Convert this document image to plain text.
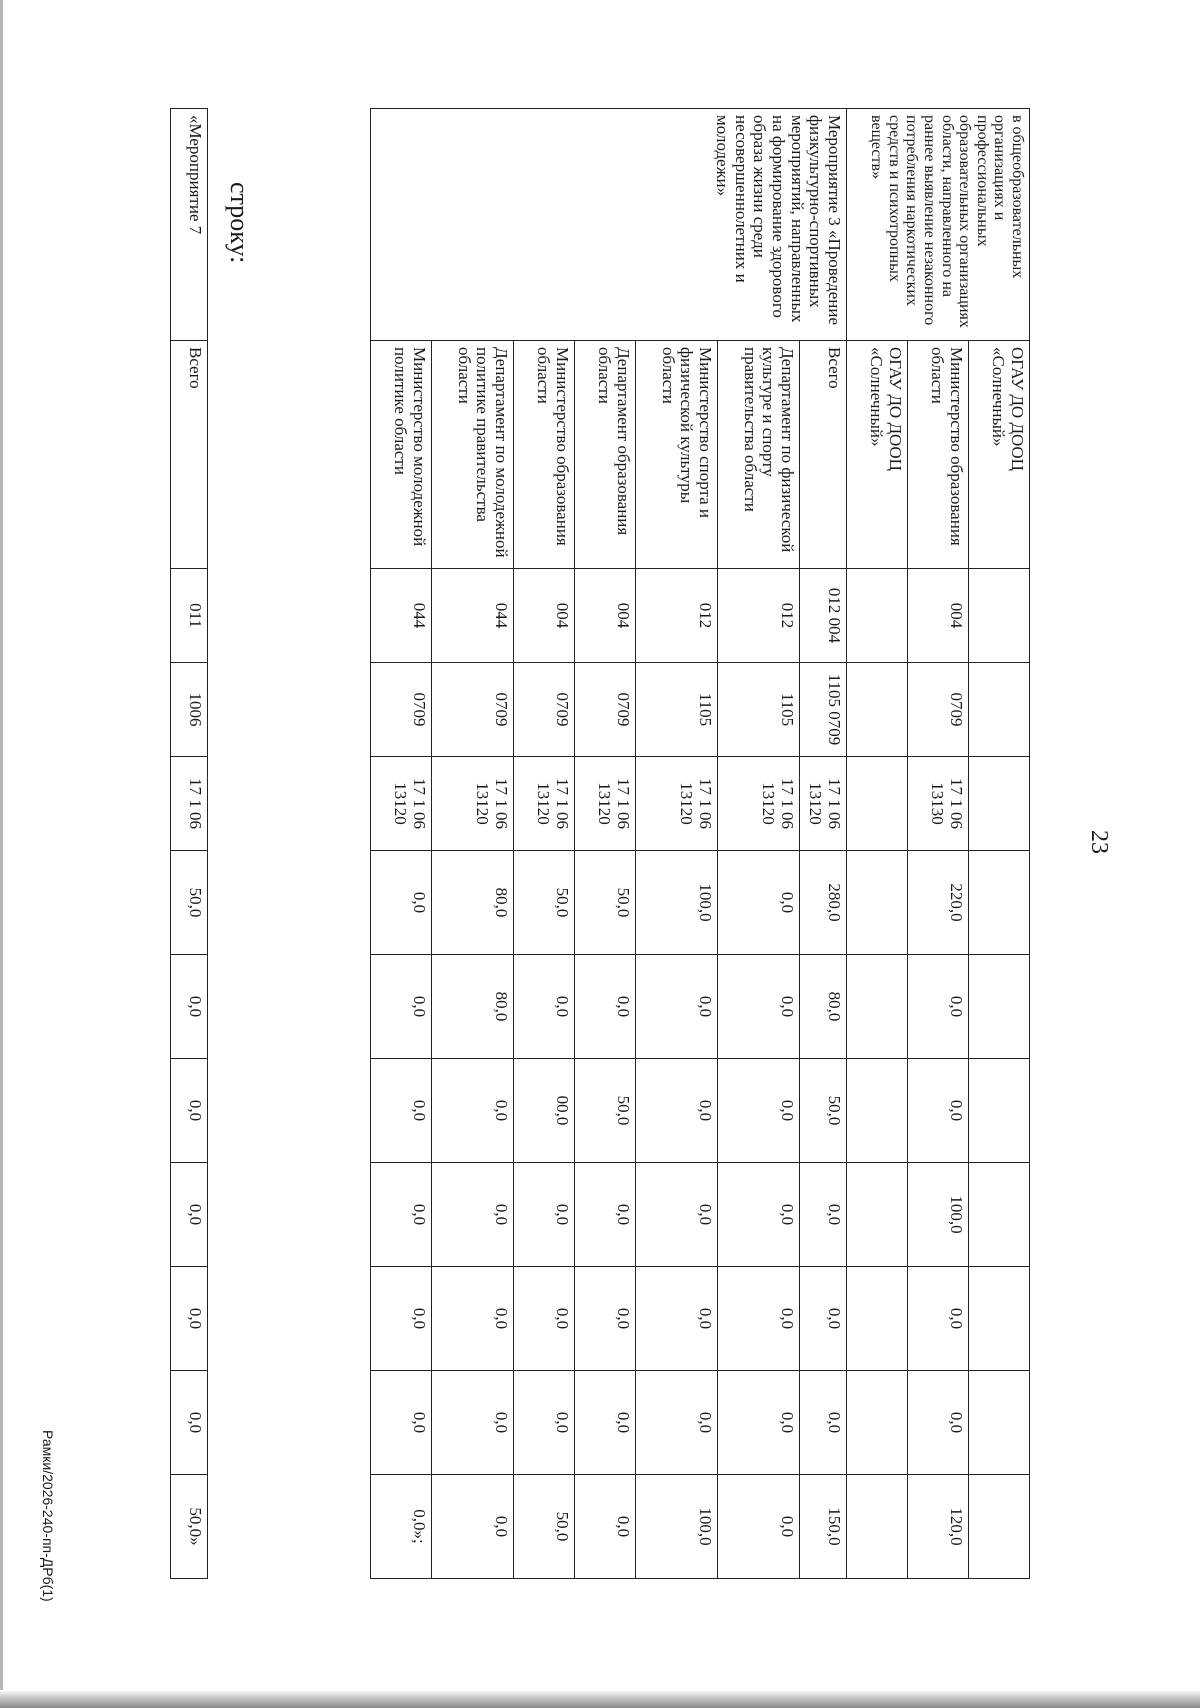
23
в общеобразовательных организациях и профессиональных образовательных организациях области, направленного на раннее выявление незаконного потребления наркотических средств и психотропных веществ»	ОГАУ ДО ДООЦ «Солнечный»										
	Министерство образования области	004	0709	17 1 06 13130	220,0	0,0	0,0	100,0	0,0	0,0	120,0
	ОГАУ ДО ДООЦ «Солнечный»										
Мероприятие 3 «Проведение физкультурно-спортивных мероприятий, направленных на формирование здорового образа жизни среди несовершеннолетних и молодежи»	Всего	012 004	1105 0709	17 1 06 13120	280,0	80,0	50,0	0,0	0,0	0,0	150,0
	Департамент по физической культуре и спорту правительства области	012	1105	17 1 06 13120	0,0	0,0	0,0	0,0	0,0	0,0	0,0
	Министерство спорта и физической культуры области	012	1105	17 1 06 13120	100,0	0,0	0,0	0,0	0,0	0,0	100,0
	Департамент образования области	004	0709	17 1 06 13120	50,0	0,0	50,0	0,0	0,0	0,0	0,0
	Министерство образования области	004	0709	17 1 06 13120	50,0	0,0	00,0	0,0	0,0	0,0	50,0
	Департамент по молодежной политике правительства области	044	0709	17 1 06 13120	80,0	80,0	0,0	0,0	0,0	0,0	0,0
	Министерство молодежной политике области	044	0709	17 1 06 13120	0,0	0,0	0,0	0,0	0,0	0,0	0,0»;
строку:
«Мероприятие 7	Всего	011	1006	17 1 06	50,0	0,0	0,0	0,0	0,0	0,0	50,0»
Рамки/2026-240-пп-ДРб(1)
